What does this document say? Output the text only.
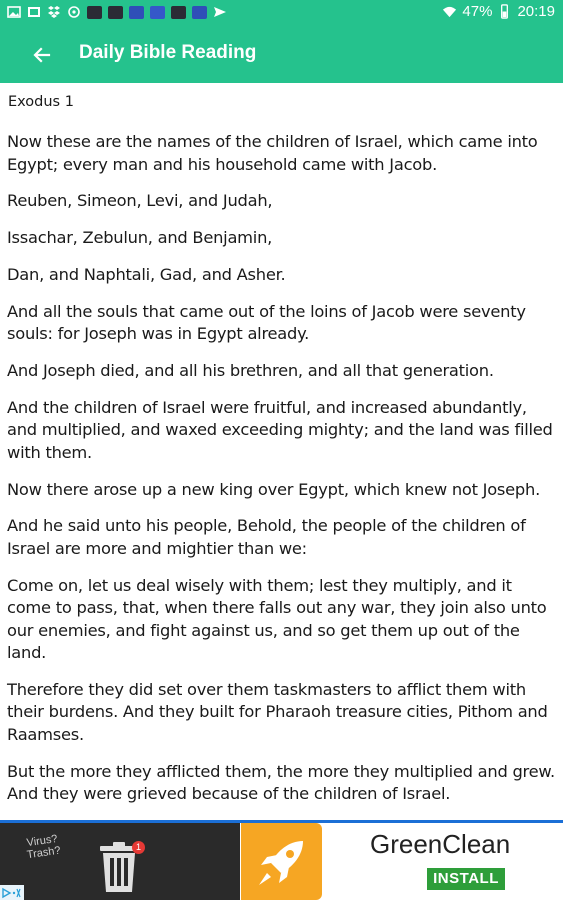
47% 20:19
Daily Bible Reading
Exodus 1

Now these are the names of the children of Israel, which came into Egypt; every man and his household came with Jacob.

Reuben, Simeon, Levi, and Judah,

Issachar, Zebulun, and Benjamin,

Dan, and Naphtali, Gad, and Asher.

And all the souls that came out of the loins of Jacob were seventy souls: for Joseph was in Egypt already.

And Joseph died, and all his brethren, and all that generation.

And the children of Israel were fruitful, and increased abundantly, and multiplied, and waxed exceeding mighty; and the land was filled with them.

Now there arose up a new king over Egypt, which knew not Joseph.

And he said unto his people, Behold, the people of the children of Israel are more and mightier than we:

Come on, let us deal wisely with them; lest they multiply, and it come to pass, that, when there falls out any war, they join also unto our enemies, and fight against us, and so get them up out of the land.

Therefore they did set over them taskmasters to afflict them with their burdens. And they built for Pharaoh treasure cities, Pithom and Raamses.

But the more they afflicted them, the more they multiplied and grew. And they were grieved because of the children of Israel.

Virus?
Trash?	1	GreenClean
INSTALL
